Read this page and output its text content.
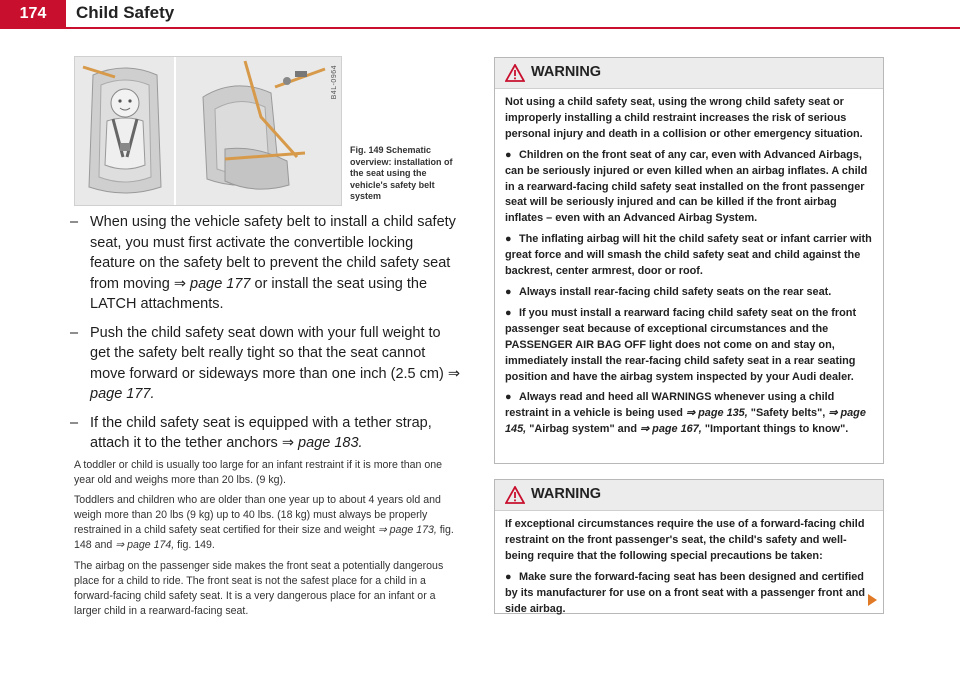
174	Child Safety
B4L-0964
Fig. 149 Schematic overview: installation of the seat using the vehicle's safety belt system
– When using the vehicle safety belt to install a child safety seat, you must first activate the convertible locking feature on the safety belt to prevent the child safety seat from moving ⇒ page 177 or install the seat using the LATCH attachments.
– Push the child safety seat down with your full weight to get the safety belt really tight so that the seat cannot move forward or sideways more than one inch (2.5 cm) ⇒ page 177.
– If the child safety seat is equipped with a tether strap, attach it to the tether anchors ⇒ page 183.

A toddler or child is usually too large for an infant restraint if it is more than one year old and weighs more than 20 lbs. (9 kg).

Toddlers and children who are older than one year up to about 4 years old and weigh more than 20 lbs (9 kg) up to 40 lbs. (18 kg) must always be properly restrained in a child safety seat certified for their size and weight ⇒ page 173, fig. 148 and ⇒ page 174, fig. 149.

The airbag on the passenger side makes the front seat a potentially dangerous place for a child to ride. The front seat is not the safest place for a child in a forward-facing child safety seat. It is a very dangerous place for an infant or a larger child in a rearward-facing seat.

WARNING

Not using a child safety seat, using the wrong child safety seat or improperly installing a child restraint increases the risk of serious personal injury and death in a collision or other emergency situation.

● Children on the front seat of any car, even with Advanced Airbags, can be seriously injured or even killed when an airbag inflates. A child in a rearward-facing child safety seat installed on the front passenger seat will be seriously injured and can be killed if the front airbag inflates – even with an Advanced Airbag System.

● The inflating airbag will hit the child safety seat or infant carrier with great force and will smash the child safety seat and child against the backrest, center armrest, door or roof.

● Always install rear-facing child safety seats on the rear seat.

● If you must install a rearward facing child safety seat on the front passenger seat because of exceptional circumstances and the PASSENGER AIR BAG OFF light does not come on and stay on, immediately install the rear-facing child safety seat in a rear seating position and have the airbag system inspected by your Audi dealer.

● Always read and heed all WARNINGS whenever using a child restraint in a vehicle is being used ⇒ page 135, "Safety belts", ⇒ page 145, "Airbag system" and ⇒ page 167, "Important things to know".

WARNING

If exceptional circumstances require the use of a forward-facing child restraint on the front passenger's seat, the child's safety and well-being require that the following special precautions be taken:

● Make sure the forward-facing seat has been designed and certified by its manufacturer for use on a front seat with a passenger front and side airbag.
